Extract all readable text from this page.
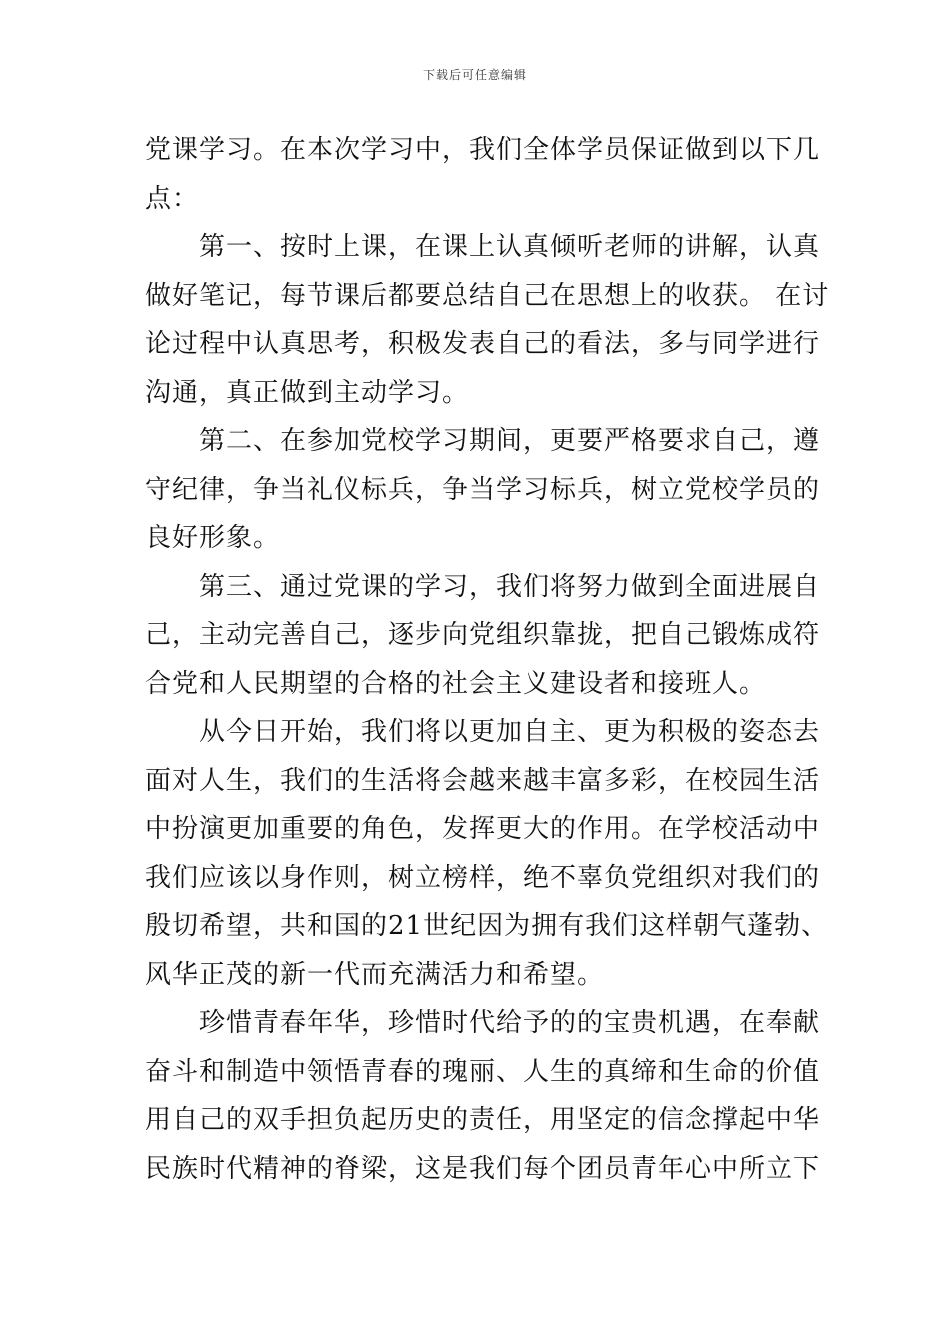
下载后可任意编辑

党课学习。在本次学习中，我们全体学员保证做到以下几
点：

第一、按时上课，在课上认真倾听老师的讲解，认真
做好笔记，每节课后都要总结自己在思想上的收获。 在讨
论过程中认真思考，积极发表自己的看法，多与同学进行
沟通，真正做到主动学习。

第二、在参加党校学习期间，更要严格要求自己，遵
守纪律，争当礼仪标兵，争当学习标兵，树立党校学员的
良好形象。

第三、通过党课的学习，我们将努力做到全面进展自
己，主动完善自己，逐步向党组织靠拢，把自己锻炼成符
合党和人民期望的合格的社会主义建设者和接班人。

从今日开始，我们将以更加自主、更为积极的姿态去
面对人生，我们的生活将会越来越丰富多彩，在校园生活
中扮演更加重要的角色，发挥更大的作用。在学校活动中
我们应该以身作则，树立榜样，绝不辜负党组织对我们的
殷切希望，共和国的21世纪因为拥有我们这样朝气蓬勃、
风华正茂的新一代而充满活力和希望。

珍惜青春年华，珍惜时代给予的的宝贵机遇，在奉献
奋斗和制造中领悟青春的瑰丽、人生的真缔和生命的价值
用自己的双手担负起历史的责任，用坚定的信念撑起中华
民族时代精神的脊梁，这是我们每个团员青年心中所立下
